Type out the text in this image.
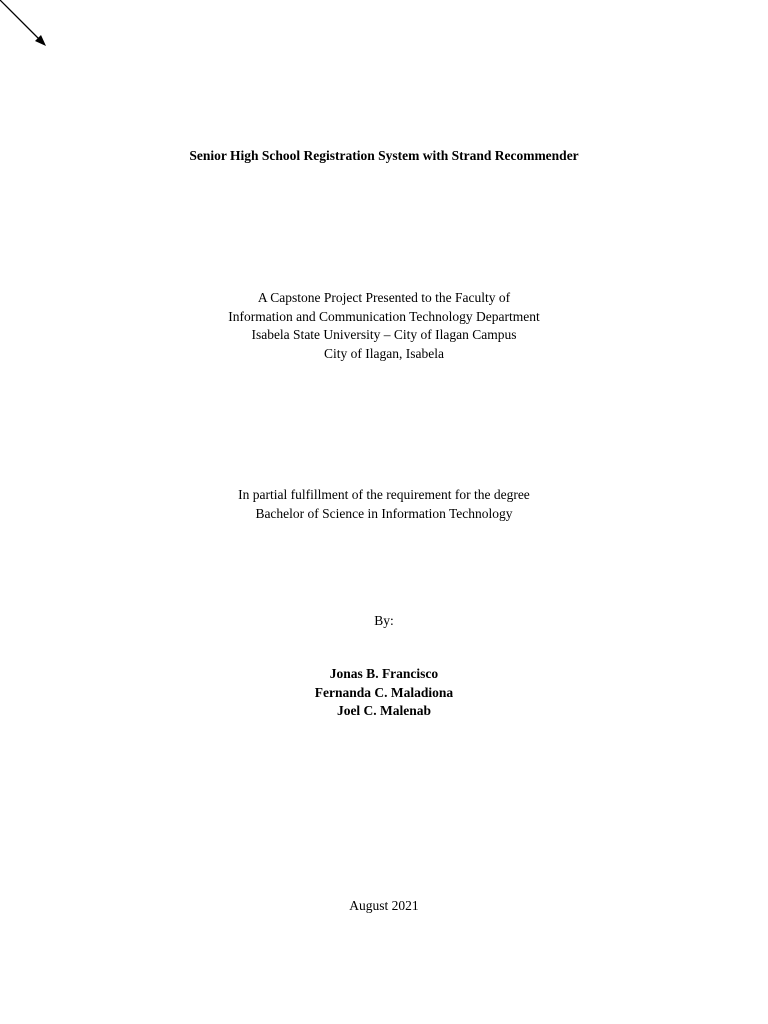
Senior High School Registration System with Strand Recommender
A Capstone Project Presented to the Faculty of
Information and Communication Technology Department
Isabela State University – City of Ilagan Campus
City of Ilagan, Isabela
In partial fulfillment of the requirement for the degree
Bachelor of Science in Information Technology
By:
Jonas B. Francisco
Fernanda C. Maladiona
Joel C. Malenab
August 2021
